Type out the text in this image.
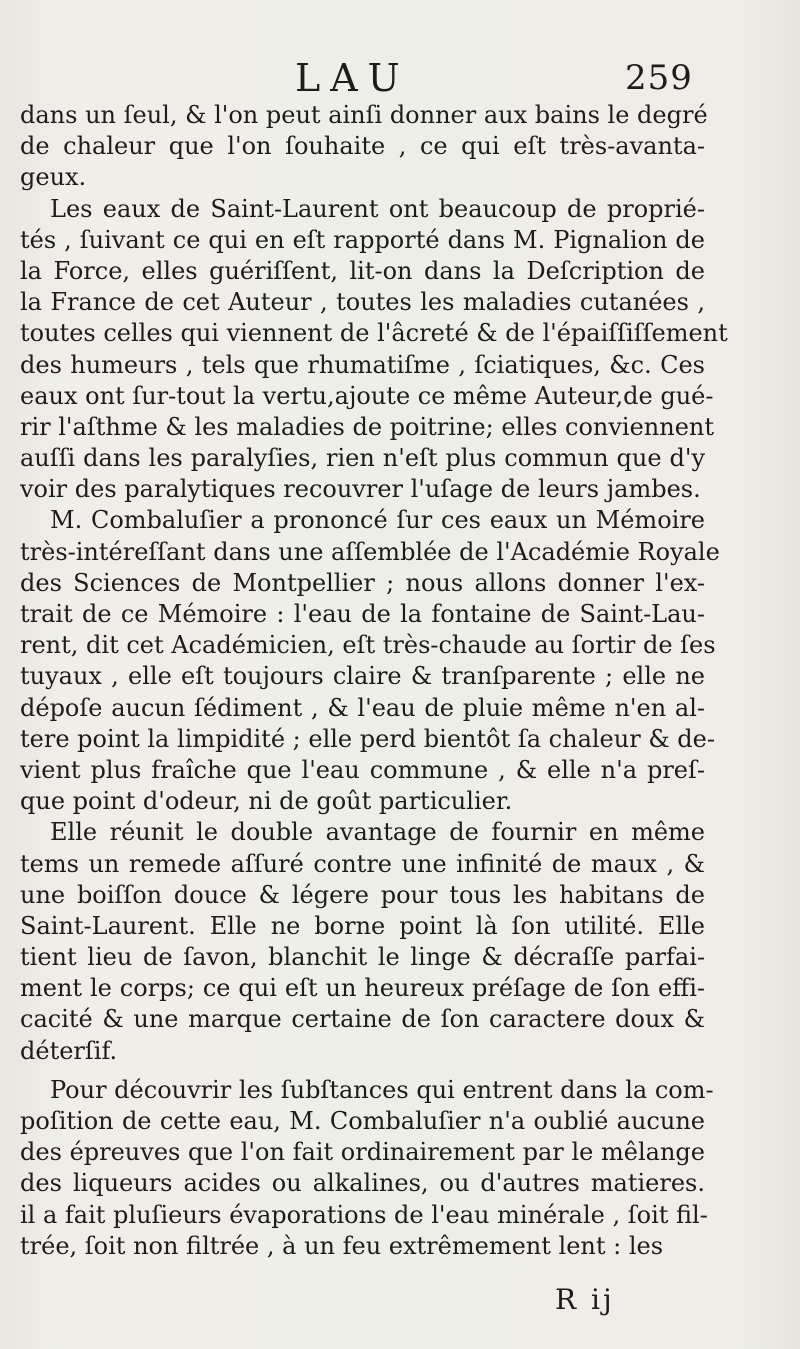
LAU	259
dans un ſeul, & l'on peut ainſi donner aux bains le degré
de chaleur que l'on ſouhaite , ce qui eſt très-avanta-
geux.
Les eaux de Saint-Laurent ont beaucoup de proprié-
tés , ſuivant ce qui en eſt rapporté dans M. Pignalion de
la Force, elles guériſſent, lit-on dans la Deſcription de
la France de cet Auteur , toutes les maladies cutanées ,
toutes celles qui viennent de l'âcreté & de l'épaiſſiſſement
des humeurs , tels que rhumatiſme , ſciatiques, &c. Ces
eaux ont ſur-tout la vertu,ajoute ce même Auteur,de gué-
rir l'aſthme & les maladies de poitrine; elles conviennent
auſſi dans les paralyſies, rien n'eſt plus commun que d'y
voir des paralytiques recouvrer l'uſage de leurs jambes.
M. Combaluſier a prononcé ſur ces eaux un Mémoire
très-intéreſſant dans une aſſemblée de l'Académie Royale
des Sciences de Montpellier ; nous allons donner l'ex-
trait de ce Mémoire : l'eau de la fontaine de Saint-Lau-
rent, dit cet Académicien, eſt très-chaude au ſortir de ſes
tuyaux , elle eſt toujours claire & tranſparente ; elle ne
dépoſe aucun ſédiment , & l'eau de pluie même n'en al-
tere point la limpidité ; elle perd bientôt ſa chaleur & de-
vient plus fraîche que l'eau commune , & elle n'a preſ-
que point d'odeur, ni de goût particulier.
Elle réunit le double avantage de fournir en même
tems un remede aſſuré contre une infinité de maux , &
une boiſſon douce & légere pour tous les habitans de
Saint-Laurent. Elle ne borne point là ſon utilité. Elle
tient lieu de ſavon, blanchit le linge & décraſſe parfai-
ment le corps; ce qui eſt un heureux préſage de ſon effi-
cacité & une marque certaine de ſon caractere doux &
déterſif.
Pour découvrir les ſubſtances qui entrent dans la com-
poſition de cette eau, M. Combaluſier n'a oublié aucune
des épreuves que l'on fait ordinairement par le mêlange
des liqueurs acides ou alkalines, ou d'autres matieres.
il a fait pluſieurs évaporations de l'eau minérale , ſoit fil-
trée, ſoit non filtrée , à un feu extrêmement lent : les
R ij
